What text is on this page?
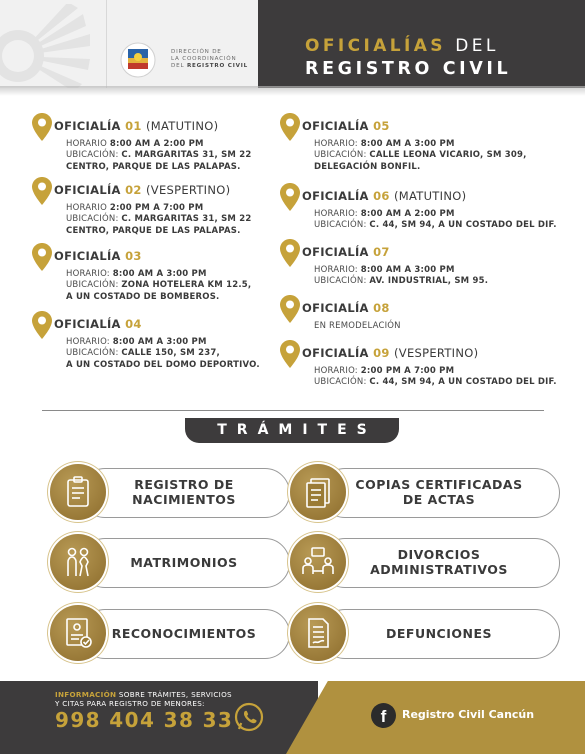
DIRECCIÓN DE
LA COORDINACIÓN
DEL REGISTRO CIVIL
OFICIALÍAS DEL
REGISTRO CIVIL
OFICIALÍA 01 (MATUTINO)
HORARIO 8:00 AM A 2:00 PM
UBICACIÓN: C. MARGARITAS 31, SM 22
CENTRO, PARQUE DE LAS PALAPAS.
OFICIALÍA 02 (VESPERTINO)
HORARIO 2:00 PM A 7:00 PM
UBICACIÓN: C. MARGARITAS 31, SM 22
CENTRO, PARQUE DE LAS PALAPAS.
OFICIALÍA 03
HORARIO: 8:00 AM A 3:00 PM
UBICACIÓN: ZONA HOTELERA KM 12.5,
A UN COSTADO DE BOMBEROS.
OFICIALÍA 04
HORARIO: 8:00 AM A 3:00 PM
UBICACIÓN: CALLE 150, SM 237,
A UN COSTADO DEL DOMO DEPORTIVO.
OFICIALÍA 05
HORARIO: 8:00 AM A 3:00 PM
UBICACIÓN: CALLE LEONA VICARIO, SM 309,
DELEGACIÓN BONFIL.
OFICIALÍA 06 (MATUTINO)
HORARIO: 8:00 AM A 2:00 PM
UBICACIÓN: C. 44, SM 94, A UN COSTADO DEL DIF.
OFICIALÍA 07
HORARIO: 8:00 AM A 3:00 PM
UBICACIÓN: AV. INDUSTRIAL, SM 95.
OFICIALÍA 08
EN REMODELACIÓN
OFICIALÍA 09 (VESPERTINO)
HORARIO: 2:00 PM A 7:00 PM
UBICACIÓN: C. 44, SM 94, A UN COSTADO DEL DIF.
TRÁMITES
REGISTRO DE
NACIMIENTOS
COPIAS CERTIFICADAS
DE ACTAS
MATRIMONIOS	DIVORCIOS
ADMINISTRATIVOS
RECONOCIMIENTOS	DEFUNCIONES
INFORMACIÓN SOBRE TRÁMITES, SERVICIOS
Y CITAS PARA REGISTRO DE MENORES:
998 404 38 33	f	Registro Civil Cancún
